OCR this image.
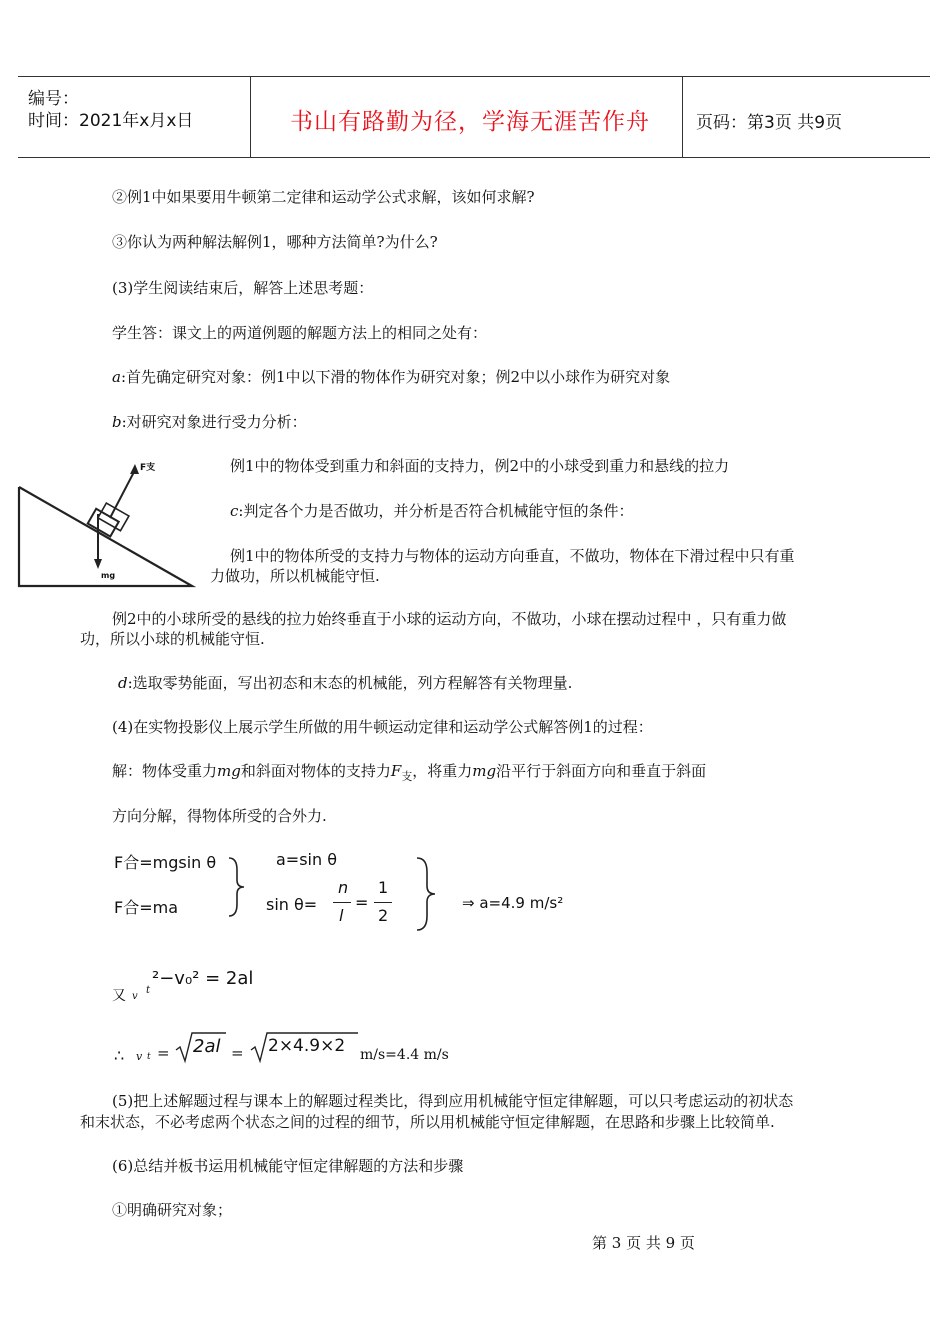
编号：
时间：2021年x月x日	书山有路勤为径，学海无涯苦作舟	页码：第3页 共9页
②例1中如果要用牛顿第二定律和运动学公式求解，该如何求解?
③你认为两种解法解例1，哪种方法简单?为什么?
(3)学生阅读结束后，解答上述思考题：
学生答：课文上的两道例题的解题方法上的相同之处有：
a:首先确定研究对象：例1中以下滑的物体作为研究对象；例2中以小球作为研究对象
b:对研究对象进行受力分析：
F支
mg
例1中的物体受到重力和斜面的支持力，例2中的小球受到重力和悬线的拉力
c:判定各个力是否做功，并分析是否符合机械能守恒的条件：
例1中的物体所受的支持力与物体的运动方向垂直，不做功，物体在下滑过程中只有重
力做功，所以机械能守恒.
例2中的小球所受的悬线的拉力始终垂直于小球的运动方向，不做功，小球在摆动过程中 ，只有重力做
功，所以小球的机械能守恒.
d:选取零势能面，写出初态和末态的机械能，列方程解答有关物理量.
(4)在实物投影仪上展示学生所做的用牛顿运动定律和运动学公式解答例1的过程：
解：物体受重力mg和斜面对物体的支持力$F_支$，将重力mg沿平行于斜面方向和垂直于斜面
方向分解，得物体所受的合外力.
F合=mgsin θ
F合=ma
a=sin θ
sin θ=
n
l
=
1
2
⇒ a=4.9 m/s²
又 v
t
²−v₀² = 2al
∴ v t = 2al = 2×4.9×2 m/s=4.4 m/s
(5)把上述解题过程与课本上的解题过程类比，得到应用机械能守恒定律解题，可以只考虑运动的初状态
和末状态，不必考虑两个状态之间的过程的细节，所以用机械能守恒定律解题，在思路和步骤上比较简单.
(6)总结并板书运用机械能守恒定律解题的方法和步骤
①明确研究对象；
第 3 页 共 9 页
